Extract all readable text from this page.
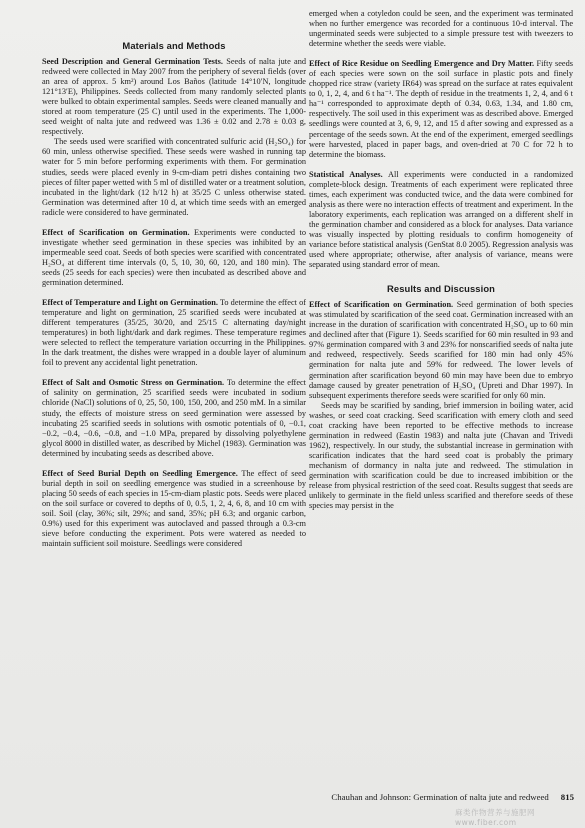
Materials and Methods

Seed Description and General Germination Tests. Seeds of nalta jute and redweed were collected in May 2007 from the periphery of several fields (over an area of approx. 5 km²) around Los Baños (latitude 14°10′N, longitude 121°13′E), Philippines. Seeds collected from many randomly selected plants were bulked to obtain experimental samples. Seeds were cleaned manually and stored at room temperature (25 C) until used in the experiments. The 1,000-seed weight of nalta jute and redweed was 1.36 ± 0.02 and 2.78 ± 0.03 g, respectively.

The seeds used were scarified with concentrated sulfuric acid (H₂SO₄) for 60 min, unless otherwise specified. These seeds were washed in running tap water for 5 min before performing experiments with them. For germination studies, seeds were placed evenly in 9-cm-diam petri dishes containing two pieces of filter paper wetted with 5 ml of distilled water or a treatment solution, incubated in the light/dark (12 h/12 h) at 35/25 C unless otherwise stated. Germination was determined after 10 d, at which time seeds with an emerged radicle were considered to have germinated.

Effect of Scarification on Germination. Experiments were conducted to investigate whether seed germination in these species was inhibited by an impermeable seed coat. Seeds of both species were scarified with concentrated H₂SO₄ at different time intervals (0, 5, 10, 30, 60, 120, and 180 min). The seeds (25 seeds for each species) were then incubated as described above and germination determined.

Effect of Temperature and Light on Germination. To determine the effect of temperature and light on germination, 25 scarified seeds were incubated at different temperatures (35/25, 30/20, and 25/15 C alternating day/night temperatures) in both light/dark and dark regimes. These temperature regimes were selected to reflect the temperature variation occurring in the Philippines. In the dark treatment, the dishes were wrapped in a double layer of aluminum foil to prevent any accidental light penetration.

Effect of Salt and Osmotic Stress on Germination. To determine the effect of salinity on germination, 25 scarified seeds were incubated in sodium chloride (NaCl) solutions of 0, 25, 50, 100, 150, 200, and 250 mM. In a similar study, the effects of moisture stress on seed germination were assessed by incubating 25 scarified seeds in solutions with osmotic potentials of 0, −0.1, −0.2, −0.4, −0.6, −0.8, and −1.0 MPa, prepared by dissolving polyethylene glycol 8000 in distilled water, as described by Michel (1983). Germination was determined by incubating seeds as described above.

Effect of Seed Burial Depth on Seedling Emergence. The effect of seed burial depth in soil on seedling emergence was studied in a screenhouse by placing 50 seeds of each species in 15-cm-diam plastic pots. Seeds were placed on the soil surface or covered to depths of 0, 0.5, 1, 2, 4, 6, 8, and 10 cm with soil. Soil (clay, 36%; silt, 29%; and sand, 35%; pH 6.3; and organic carbon, 0.9%) used for this experiment was autoclaved and passed through a 0.3-cm sieve before conducting the experiment. Pots were watered as needed to maintain sufficient soil moisture. Seedlings were considered

emerged when a cotyledon could be seen, and the experiment was terminated when no further emergence was recorded for a continuous 10-d interval. The ungerminated seeds were subjected to a simple pressure test with tweezers to determine whether the seeds were viable.

Effect of Rice Residue on Seedling Emergence and Dry Matter. Fifty seeds of each species were sown on the soil surface in plastic pots and finely chopped rice straw (variety IR64) was spread on the surface at rates equivalent to 0, 1, 2, 4, and 6 t ha⁻¹. The depth of residue in the treatments 1, 2, 4, and 6 t ha⁻¹ corresponded to approximate depth of 0.34, 0.63, 1.34, and 1.80 cm, respectively. The soil used in this experiment was as described above. Emerged seedlings were counted at 3, 6, 9, 12, and 15 d after sowing and expressed as a percentage of the seeds sown. At the end of the experiment, emerged seedlings were harvested, placed in paper bags, and oven-dried at 70 C for 72 h to determine the biomass.

Statistical Analyses. All experiments were conducted in a randomized complete-block design. Treatments of each experiment were replicated three times, each experiment was conducted twice, and the data were combined for analysis as there were no interaction effects of treatment and experiment. In the laboratory experiments, each replication was arranged on a different shelf in the germination chamber and considered as a block for analyses. Data variance was visually inspected by plotting residuals to confirm homogeneity of variance before statistical analysis (GenStat 8.0 2005). Regression analysis was used where appropriate; otherwise, after analysis of variance, means were separated using standard error of mean.

Results and Discussion

Effect of Scarification on Germination. Seed germination of both species was stimulated by scarification of the seed coat. Germination increased with an increase in the duration of scarification with concentrated H₂SO₄ up to 60 min and declined after that (Figure 1). Seeds scarified for 60 min resulted in 93 and 97% germination compared with 3 and 23% for nonscarified seeds of nalta jute and redweed, respectively. Seeds scarified for 180 min had only 45% germination for nalta jute and 59% for redweed. The lower levels of germination after scarification beyond 60 min may have been due to embryo damage caused by greater penetration of H₂SO₄ (Upreti and Dhar 1997). In subsequent experiments therefore seeds were scarified for only 60 min.

Seeds may be scarified by sanding, brief immersion in boiling water, acid washes, or seed coat cracking. Seed scarification with emery cloth and seed coat cracking have been reported to be effective methods to increase germination in redweed (Eastin 1983) and nalta jute (Chavan and Trivedi 1962), respectively. In our study, the substantial increase in germination with scarification indicates that the hard seed coat is probably the primary mechanism of dormancy in nalta jute and redweed. The stimulation in germination with scarification could be due to increased imbibition or the release from physical restriction of the seed coat. Results suggest that seeds are unlikely to germinate in the field unless scarified and therefore seeds of these species may persist in the

Chauhan and Johnson: Germination of nalta jute and redweed 815
麻类作物营养与施肥网 www.fiber.com
